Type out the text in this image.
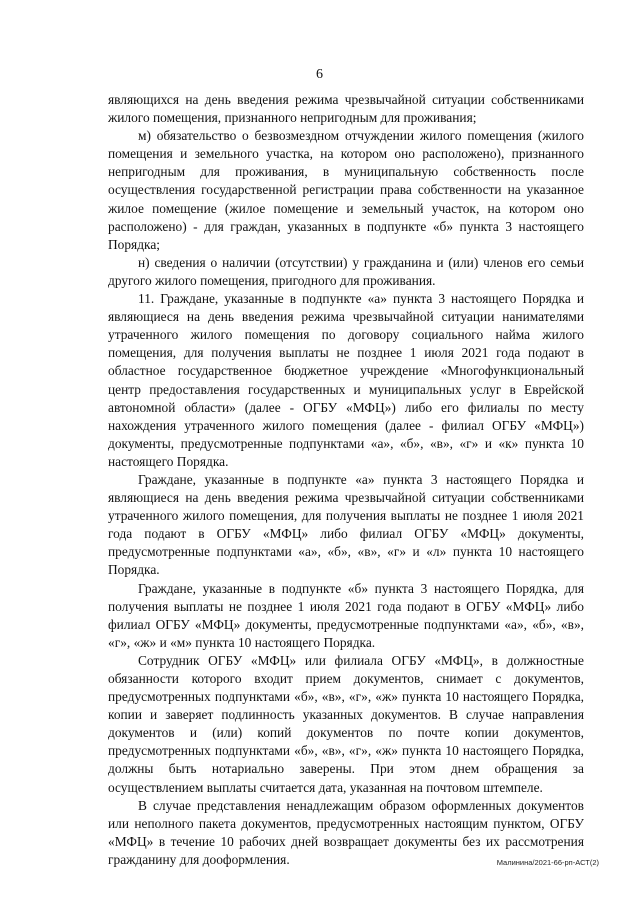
6

являющихся на день введения режима чрезвычайной ситуации собственниками жилого помещения, признанного непригодным для проживания;

м) обязательство о безвозмездном отчуждении жилого помещения (жилого помещения и земельного участка, на котором оно расположено), признанного непригодным для проживания, в муниципальную собственность после осуществления государственной регистрации права собственности на указанное жилое помещение (жилое помещение и земельный участок, на котором оно расположено) - для граждан, указанных в подпункте «б» пункта 3 настоящего Порядка;

н) сведения о наличии (отсутствии) у гражданина и (или) членов его семьи другого жилого помещения, пригодного для проживания.

11. Граждане, указанные в подпункте «а» пункта 3 настоящего Порядка и являющиеся на день введения режима чрезвычайной ситуации нанимателями утраченного жилого помещения по договору социального найма жилого помещения, для получения выплаты не позднее 1 июля 2021 года подают в областное государственное бюджетное учреждение «Многофункциональный центр предоставления государственных и муниципальных услуг в Еврейской автономной области» (далее - ОГБУ «МФЦ») либо его филиалы по месту нахождения утраченного жилого помещения (далее - филиал ОГБУ «МФЦ») документы, предусмотренные подпунктами «а», «б», «в», «г» и «к» пункта 10 настоящего Порядка.

Граждане, указанные в подпункте «а» пункта 3 настоящего Порядка и являющиеся на день введения режима чрезвычайной ситуации собственниками утраченного жилого помещения, для получения выплаты не позднее 1 июля 2021 года подают в ОГБУ «МФЦ» либо филиал ОГБУ «МФЦ» документы, предусмотренные подпунктами «а», «б», «в», «г» и «л» пункта 10 настоящего Порядка.

Граждане, указанные в подпункте «б» пункта 3 настоящего Порядка, для получения выплаты не позднее 1 июля 2021 года подают в ОГБУ «МФЦ» либо филиал ОГБУ «МФЦ» документы, предусмотренные подпунктами «а», «б», «в», «г», «ж» и «м» пункта 10 настоящего Порядка.

Сотрудник ОГБУ «МФЦ» или филиала ОГБУ «МФЦ», в должностные обязанности которого входит прием документов, снимает с документов, предусмотренных подпунктами «б», «в», «г», «ж» пункта 10 настоящего Порядка, копии и заверяет подлинность указанных документов. В случае направления документов и (или) копий документов по почте копии документов, предусмотренных подпунктами «б», «в», «г», «ж» пункта 10 настоящего Порядка, должны быть нотариально заверены. При этом днем обращения за осуществлением выплаты считается дата, указанная на почтовом штемпеле.

В случае представления ненадлежащим образом оформленных документов или неполного пакета документов, предусмотренных настоящим пунктом, ОГБУ «МФЦ» в течение 10 рабочих дней возвращает документы без их рассмотрения гражданину для дооформления.	Малинина/2021-66-рп-АСТ(2)
